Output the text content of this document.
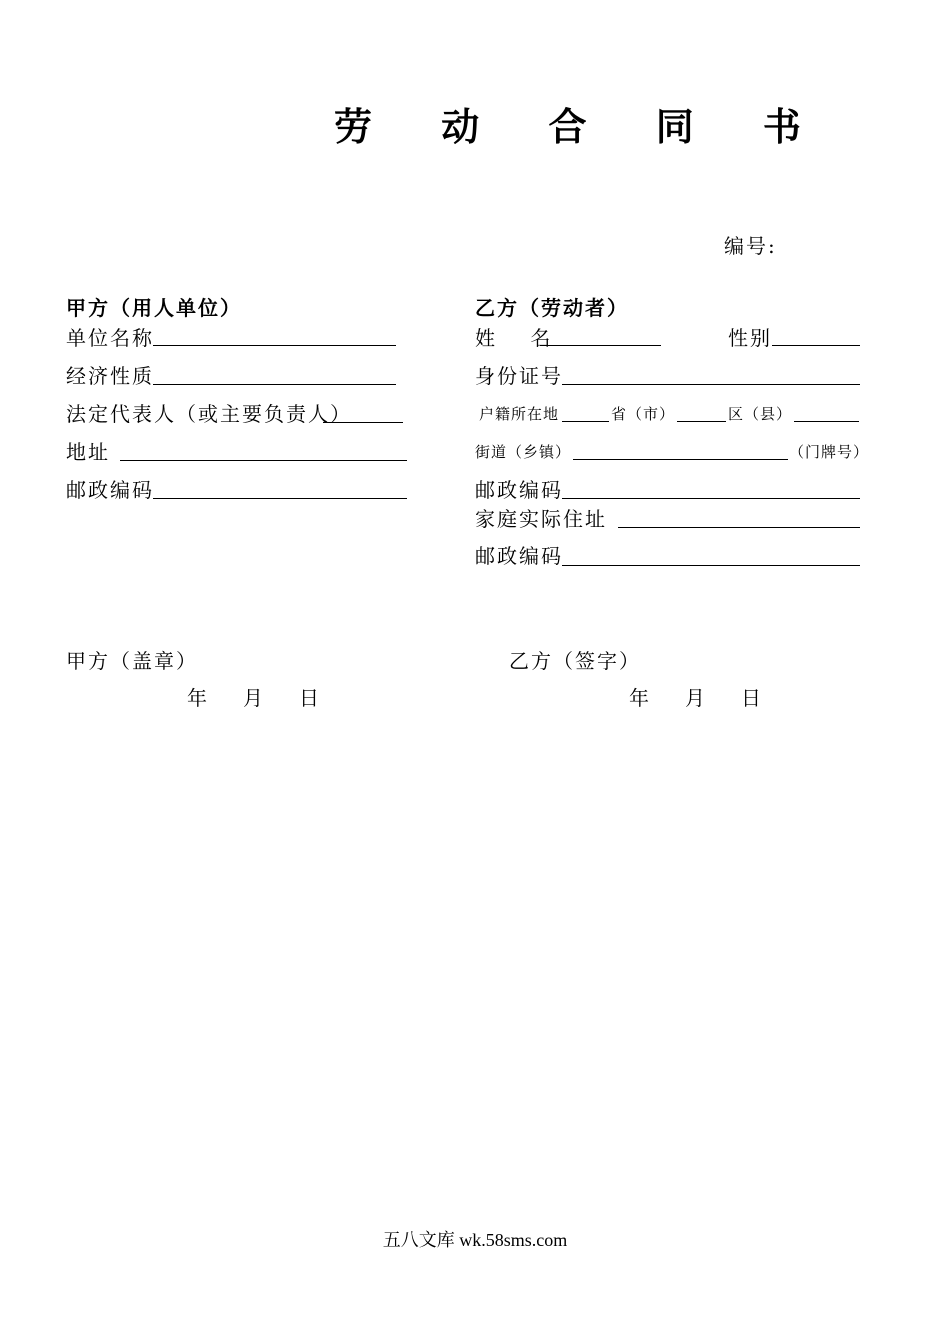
劳 动 合 同 书
编号:
甲方（用人单位）
单位名称
经济性质
法定代表人（或主要负责人）
地址
邮政编码
乙方（劳动者）
姓    名	性别
身份证号
户籍所在地	省（市）	区（县）
街道（乡镇）	（门牌号）
邮政编码
家庭实际住址
邮政编码
甲方（盖章）	乙方（签字）
年 月 日	年 月 日
五八文库 wk.58sms.com
